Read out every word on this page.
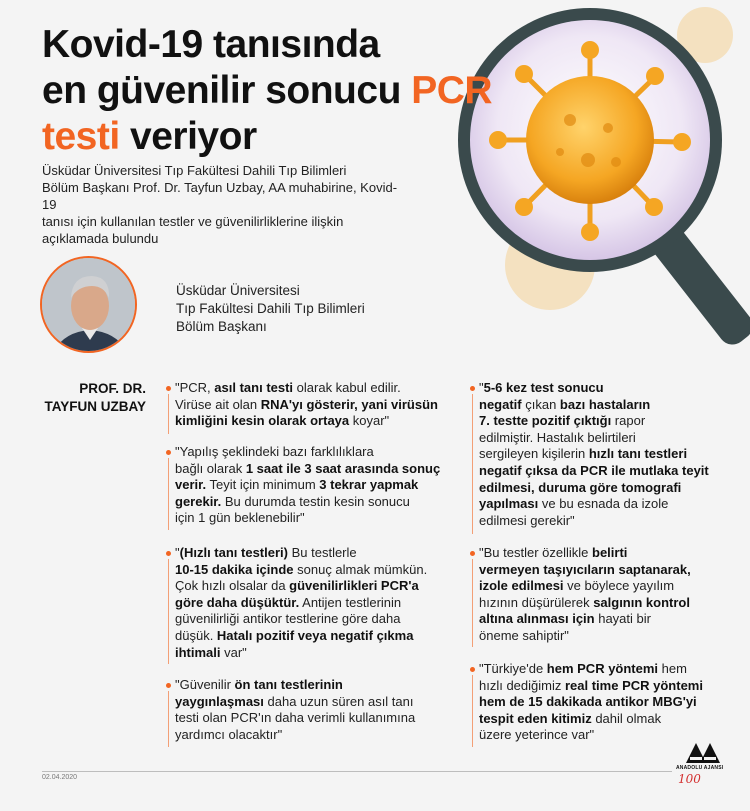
Kovid-19 tanısında
en güvenilir sonucu PCR
testi veriyor
Üsküdar Üniversitesi Tıp Fakültesi Dahili Tıp Bilimleri
Bölüm Başkanı Prof. Dr. Tayfun Uzbay, AA muhabirine, Kovid-19
tanısı için kullanılan testler ve güvenilirliklerine ilişkin
açıklamada bulundu
Üsküdar Üniversitesi
Tıp Fakültesi Dahili Tıp Bilimleri
Bölüm Başkanı
PROF. DR.
TAYFUN UZBAY
"PCR, asıl tanı testi olarak kabul edilir.
Virüse ait olan RNA'yı gösterir, yani virüsün
kimliğini kesin olarak ortaya koyar"
"Yapılış şeklindeki bazı farklılıklara
bağlı olarak 1 saat ile 3 saat arasında sonuç
verir. Teyit için minimum 3 tekrar yapmak
gerekir. Bu durumda testin kesin sonucu
için 1 gün beklenebilir"
"(Hızlı tanı testleri) Bu testlerle
10-15 dakika içinde sonuç almak mümkün.
Çok hızlı olsalar da güvenilirlikleri PCR'a
göre daha düşüktür. Antijen testlerinin
güvenilirliği antikor testlerine göre daha
düşük. Hatalı pozitif veya negatif çıkma
ihtimali var"
"Güvenilir ön tanı testlerinin
yaygınlaşması daha uzun süren asıl tanı
testi olan PCR'ın daha verimli kullanımına
yardımcı olacaktır"
"5-6 kez test sonucu
negatif çıkan bazı hastaların
7. testte pozitif çıktığı rapor
edilmiştir. Hastalık belirtileri
sergileyen kişilerin hızlı tanı testleri
negatif çıksa da PCR ile mutlaka teyit
edilmesi, duruma göre tomografi
yapılması ve bu esnada da izole
edilmesi gerekir"
"Bu testler özellikle belirti
vermeyen taşıyıcıların saptanarak,
izole edilmesi ve böylece yayılım
hızının düşürülerek salgının kontrol
altına alınması için hayati bir
öneme sahiptir"
"Türkiye'de hem PCR yöntemi hem
hızlı dediğimiz real time PCR yöntemi
hem de 15 dakikada antikor MBG'yi
tespit eden kitimiz dahil olmak
üzere yeterince var"
02.04.2020
ANADOLU AJANSI
100
